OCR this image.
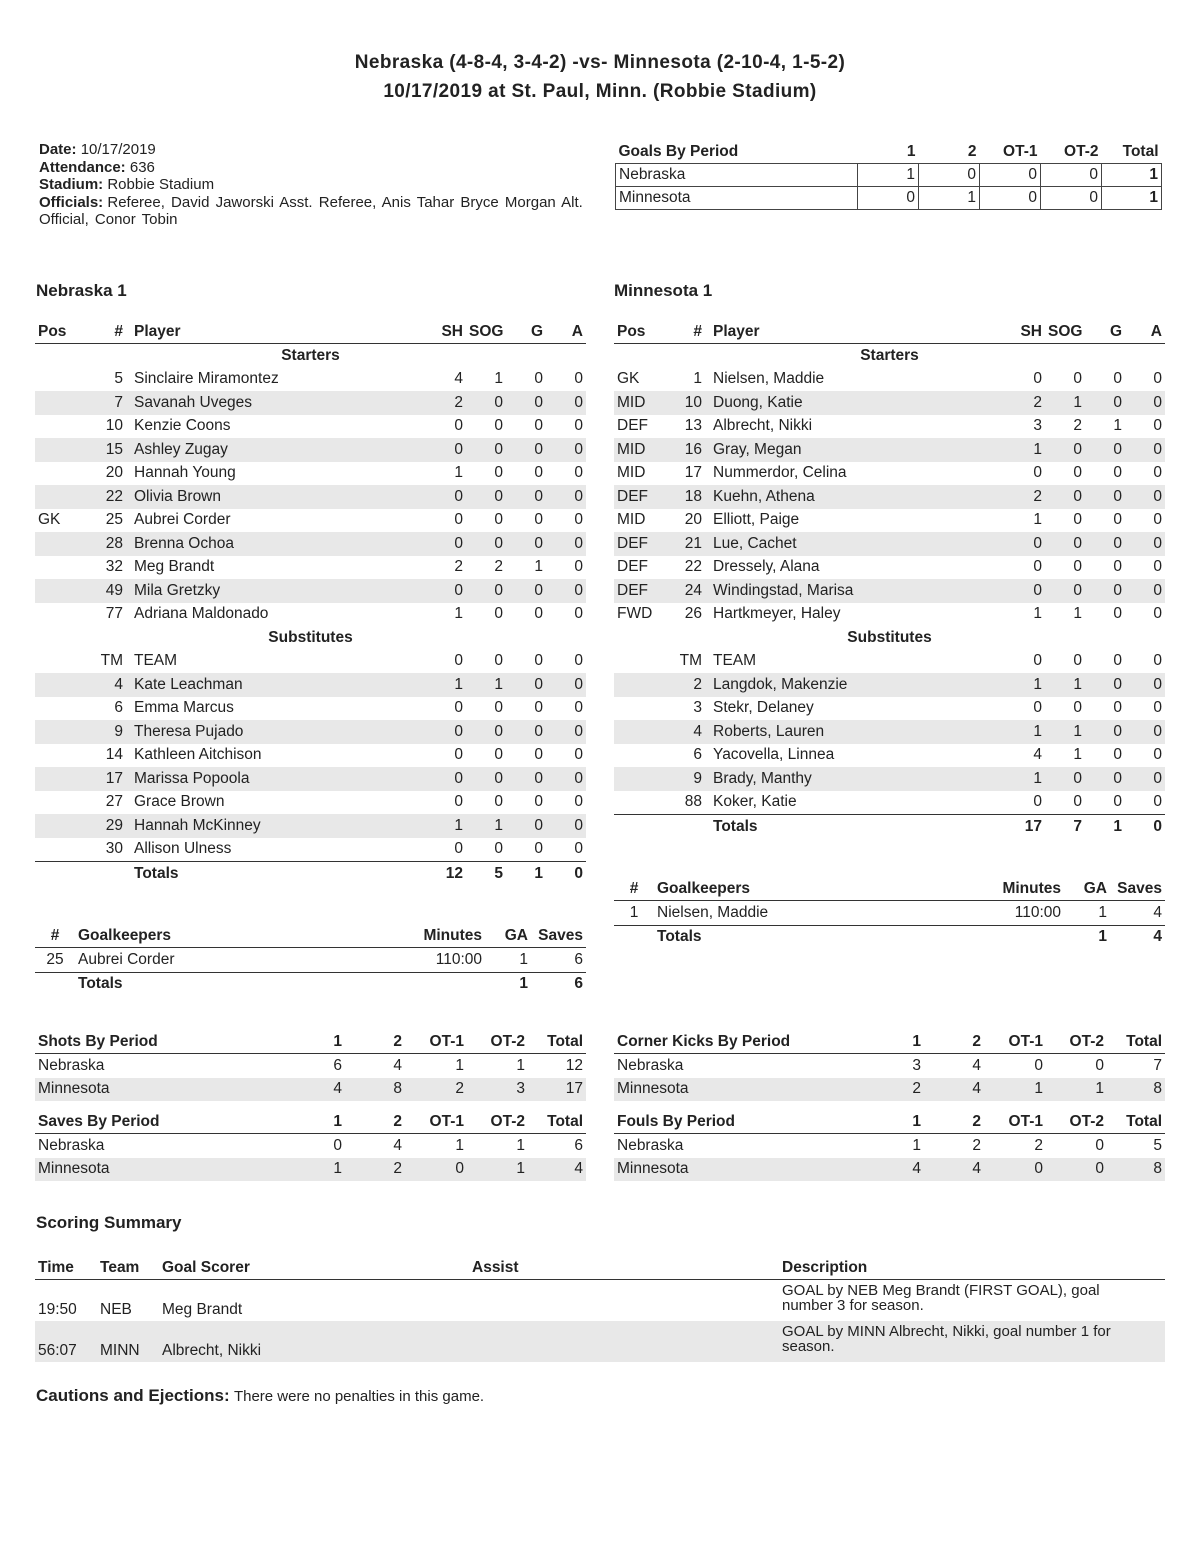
Nebraska (4-8-4, 3-4-2) -vs- Minnesota (2-10-4, 1-5-2)
10/17/2019 at St. Paul, Minn. (Robbie Stadium)
Date: 10/17/2019
Attendance: 636
Stadium: Robbie Stadium
Officials: Referee, David Jaworski Asst. Referee, Anis Tahar Bryce Morgan Alt. Official, Conor Tobin
Goals By Period	1	2	OT-1	OT-2	Total
Nebraska	1	0	0	0	1
Minnesota	0	1	0	0	1
Nebraska 1	Minnesota 1
Pos	#	Player	SH	SOG	G	A
Starters						
	5	Sinclaire Miramontez	4	1	0	0
	7	Savanah Uveges	2	0	0	0
	10	Kenzie Coons	0	0	0	0
	15	Ashley Zugay	0	0	0	0
	20	Hannah Young	1	0	0	0
	22	Olivia Brown	0	0	0	0
GK	25	Aubrei Corder	0	0	0	0
	28	Brenna Ochoa	0	0	0	0
	32	Meg Brandt	2	2	1	0
	49	Mila Gretzky	0	0	0	0
	77	Adriana Maldonado	1	0	0	0
Substitutes						
	TM	TEAM	0	0	0	0
	4	Kate Leachman	1	1	0	0
	6	Emma Marcus	0	0	0	0
	9	Theresa Pujado	0	0	0	0
	14	Kathleen Aitchison	0	0	0	0
	17	Marissa Popoola	0	0	0	0
	27	Grace Brown	0	0	0	0
	29	Hannah McKinney	1	1	0	0
	30	Allison Ulness	0	0	0	0
		Totals	12	5	1	0
Pos	#	Player	SH	SOG	G	A
Starters						
GK	1	Nielsen, Maddie	0	0	0	0
MID	10	Duong, Katie	2	1	0	0
DEF	13	Albrecht, Nikki	3	2	1	0
MID	16	Gray, Megan	1	0	0	0
MID	17	Nummerdor, Celina	0	0	0	0
DEF	18	Kuehn, Athena	2	0	0	0
MID	20	Elliott, Paige	1	0	0	0
DEF	21	Lue, Cachet	0	0	0	0
DEF	22	Dressely, Alana	0	0	0	0
DEF	24	Windingstad, Marisa	0	0	0	0
FWD	26	Hartkmeyer, Haley	1	1	0	0
Substitutes						
	TM	TEAM	0	0	0	0
	2	Langdok, Makenzie	1	1	0	0
	3	Stekr, Delaney	0	0	0	0
	4	Roberts, Lauren	1	1	0	0
	6	Yacovella, Linnea	4	1	0	0
	9	Brady, Manthy	1	0	0	0
	88	Koker, Katie	0	0	0	0
		Totals	17	7	1	0
#	Goalkeepers	Minutes	GA	Saves
25	Aubrei Corder	110:00	1	6
	Totals		1	6
#	Goalkeepers	Minutes	GA	Saves
1	Nielsen, Maddie	110:00	1	4
	Totals		1	4
Shots By Period	1	2	OT-1	OT-2	Total
Nebraska	6	4	1	1	12
Minnesota	4	8	2	3	17
Corner Kicks By Period	1	2	OT-1	OT-2	Total
Nebraska	3	4	0	0	7
Minnesota	2	4	1	1	8
Saves By Period	1	2	OT-1	OT-2	Total
Nebraska	0	4	1	1	6
Minnesota	1	2	0	1	4
Fouls By Period	1	2	OT-1	OT-2	Total
Nebraska	1	2	2	0	5
Minnesota	4	4	0	0	8
Scoring Summary
Time	Team	Goal Scorer	Assist	Description
19:50	NEB	Meg Brandt		GOAL by NEB Meg Brandt (FIRST GOAL), goal number 3 for season.
56:07	MINN	Albrecht, Nikki		GOAL by MINN Albrecht, Nikki, goal number 1 for season.
Cautions and Ejections: There were no penalties in this game.
